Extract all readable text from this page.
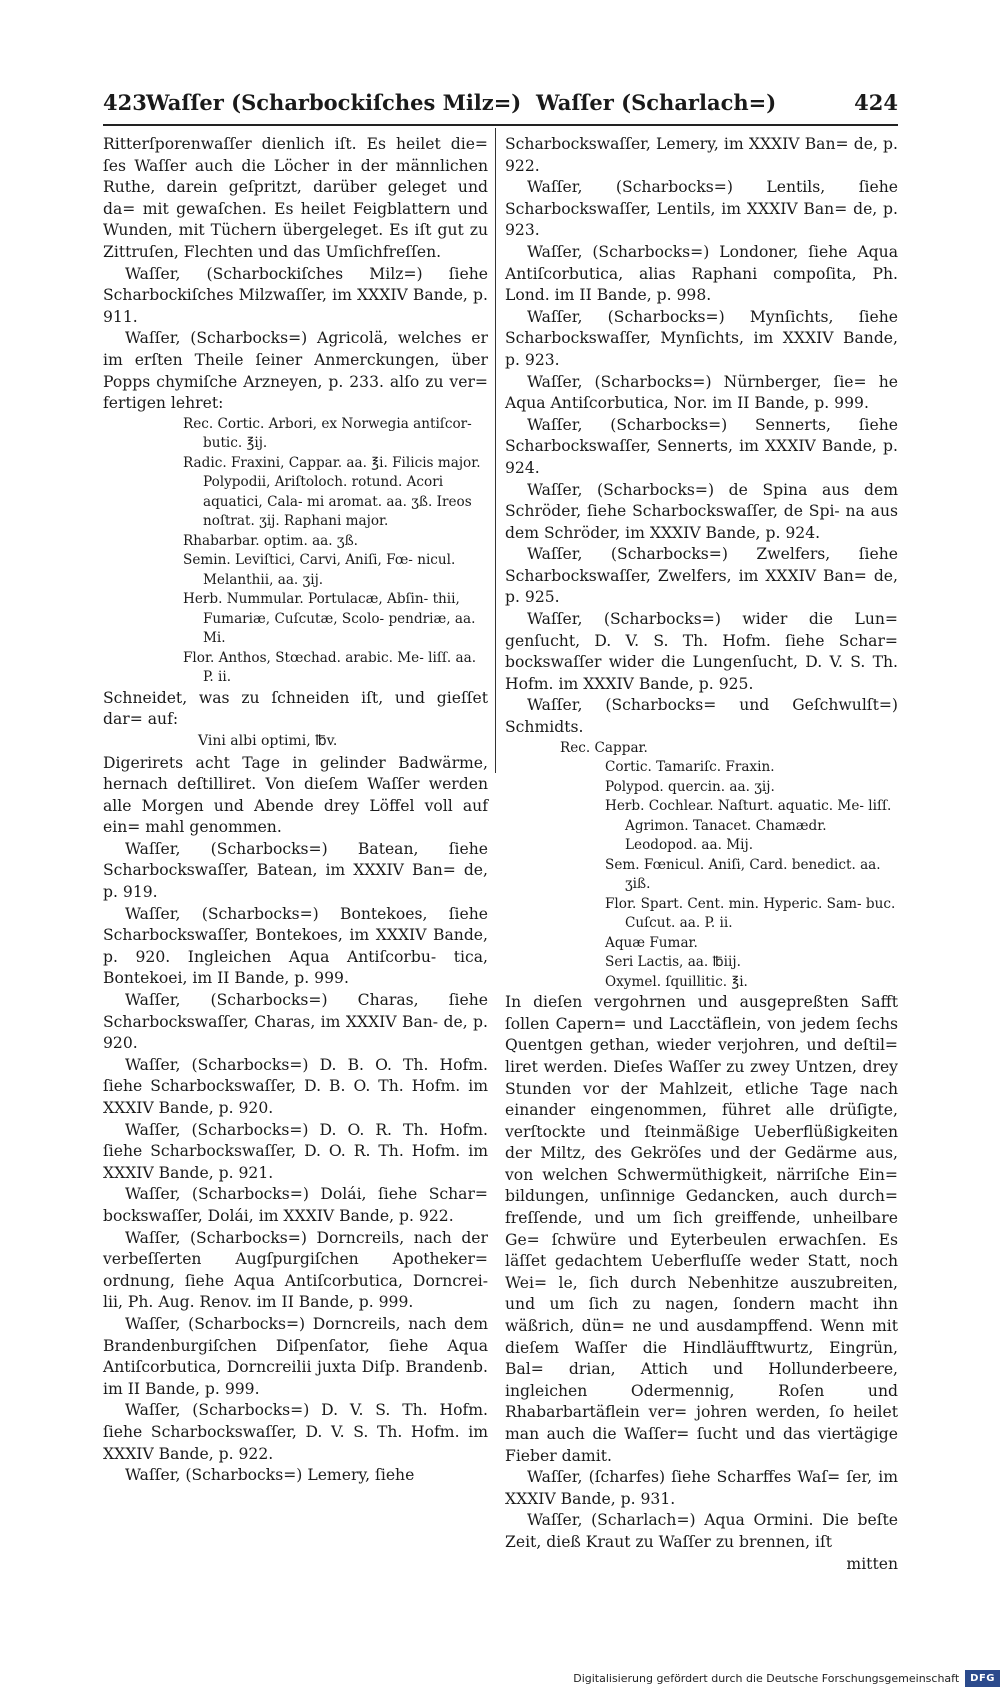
423 Waſſer (Scharbockiſches Milz=) Waſſer (Scharlach=)	424

Ritterſporenwaſſer dienlich iſt. Es heilet die= ſes Waſſer auch die Löcher in der männlichen Ruthe, darein geſpritzt, darüber geleget und da= mit gewaſchen. Es heilet Feigblattern und Wunden, mit Tüchern übergeleget. Es iſt gut zu Zittruſen, Flechten und das Umſichfreſſen.

Waſſer, (Scharbockiſches Milz=) ſiehe Scharbockiſches Milzwaſſer, im XXXIV Bande, p. 911.

Waſſer, (Scharbocks=) Agricolä, welches er im erſten Theile ſeiner Anmerckungen, über Popps chymiſche Arzneyen, p. 233. alſo zu ver= fertigen lehret:

Rec. Cortic. Arbori, ex Norwegia antiſcor- butic. ℥ij.

Radic. Fraxini, Cappar. aa. ℥i. Filicis major. Polypodii, Ariſtoloch. rotund. Acori aquatici, Cala- mi aromat. aa. ʒß. Ireos noſtrat. ʒij. Raphani major.

Rhabarbar. optim. aa. ʒß.

Semin. Leviſtici, Carvi, Aniſi, Fœ- nicul. Melanthii, aa. ʒij.

Herb. Nummular. Portulacæ, Abſin- thii, Fumariæ, Cuſcutæ, Scolo- pendriæ, aa. Mi.

Flor. Anthos, Stœchad. arabic. Me- liſſ. aa. P. ii.

Schneidet, was zu ſchneiden iſt, und gieſſet dar= auf:

Vini albi optimi, ℔v.

Digerirets acht Tage in gelinder Badwärme, hernach deſtilliret. Von dieſem Waſſer werden alle Morgen und Abende drey Löffel voll auf ein= mahl genommen.

Waſſer, (Scharbocks=) Batean, ſiehe Scharbockswaſſer, Batean, im XXXIV Ban= de, p. 919.

Waſſer, (Scharbocks=) Bontekoes, ſiehe Scharbockswaſſer, Bontekoes, im XXXIV Bande, p. 920. Ingleichen Aqua Antiſcorbu- tica, Bontekoei, im II Bande, p. 999.

Waſſer, (Scharbocks=) Charas, ſiehe Scharbockswaſſer, Charas, im XXXIV Ban- de, p. 920.

Waſſer, (Scharbocks=) D. B. O. Th. Hofm. ſiehe Scharbockswaſſer, D. B. O. Th. Hofm. im XXXIV Bande, p. 920.

Waſſer, (Scharbocks=) D. O. R. Th. Hofm. ſiehe Scharbockswaſſer, D. O. R. Th. Hofm. im XXXIV Bande, p. 921.

Waſſer, (Scharbocks=) Dolái, ſiehe Schar= bockswaſſer, Dolái, im XXXIV Bande, p. 922.

Waſſer, (Scharbocks=) Dorncreils, nach der verbeſſerten Augſpurgiſchen Apotheker= ordnung, ſiehe Aqua Antiſcorbutica, Dorncrei- lii, Ph. Aug. Renov. im II Bande, p. 999.

Waſſer, (Scharbocks=) Dorncreils, nach dem Brandenburgiſchen Diſpenſator, ſiehe Aqua Antiſcorbutica, Dorncreilii juxta Diſp. Brandenb. im II Bande, p. 999.

Waſſer, (Scharbocks=) D. V. S. Th. Hofm. ſiehe Scharbockswaſſer, D. V. S. Th. Hofm. im XXXIV Bande, p. 922.

Waſſer, (Scharbocks=) Lemery, ſiehe

Scharbockswaſſer, Lemery, im XXXIV Ban= de, p. 922.

Waſſer, (Scharbocks=) Lentils, ſiehe Scharbockswaſſer, Lentils, im XXXIV Ban= de, p. 923.

Waſſer, (Scharbocks=) Londoner, ſiehe Aqua Antiſcorbutica, alias Raphani compoſita, Ph. Lond. im II Bande, p. 998.

Waſſer, (Scharbocks=) Mynſichts, ſiehe Scharbockswaſſer, Mynſichts, im XXXIV Bande, p. 923.

Waſſer, (Scharbocks=) Nürnberger, ſie= he Aqua Antiſcorbutica, Nor. im II Bande, p. 999.

Waſſer, (Scharbocks=) Sennerts, ſiehe Scharbockswaſſer, Sennerts, im XXXIV Bande, p. 924.

Waſſer, (Scharbocks=) de Spina aus dem Schröder, ſiehe Scharbockswaſſer, de Spi- na aus dem Schröder, im XXXIV Bande, p. 924.

Waſſer, (Scharbocks=) Zwelfers, ſiehe Scharbockswaſſer, Zwelfers, im XXXIV Ban= de, p. 925.

Waſſer, (Scharbocks=) wider die Lun= genſucht, D. V. S. Th. Hofm. ſiehe Schar= bockswaſſer wider die Lungenſucht, D. V. S. Th. Hofm. im XXXIV Bande, p. 925.

Waſſer, (Scharbocks= und Geſchwulſt=) Schmidts.

Rec. Cappar.

Cortic. Tamariſc. Fraxin.

Polypod. quercin. aa. ʒij.

Herb. Cochlear. Naſturt. aquatic. Me- liſſ. Agrimon. Tanacet. Chamædr. Leodopod. aa. Mij.

Sem. Fœnicul. Aniſi, Card. benedict. aa. ʒiß.

Flor. Spart. Cent. min. Hyperic. Sam- buc. Cuſcut. aa. P. ii.

Aquæ Fumar.

Seri Lactis, aa. ℔iij.

Oxymel. ſquillitic. ℥i.

In dieſen vergohrnen und ausgepreßten Safft ſollen Capern= und Lacctäflein, von jedem ſechs Quentgen gethan, wieder verjohren, und deſtil= liret werden. Dieſes Waſſer zu zwey Untzen, drey Stunden vor der Mahlzeit, etliche Tage nach einander eingenommen, führet alle drüſigte, verſtockte und ſteinmäßige Ueberflüßigkeiten der Miltz, des Gekröſes und der Gedärme aus, von welchen Schwermüthigkeit, närriſche Ein= bildungen, unſinnige Gedancken, auch durch= freſſende, und um ſich greiffende, unheilbare Ge= ſchwüre und Eyterbeulen erwachſen. Es läſſet gedachtem Ueberfluſſe weder Statt, noch Wei= le, ſich durch Nebenhitze auszubreiten, und um ſich zu nagen, ſondern macht ihn wäßrich, dün= ne und ausdampffend. Wenn mit dieſem Waſſer die Hindläufftwurtz, Eingrün, Bal= drian, Attich und Hollunderbeere, ingleichen Odermennig, Roſen und Rhabarbartäflein ver= johren werden, ſo heilet man auch die Waſſer= ſucht und das viertägige Fieber damit.

Waſſer, (ſcharfes) ſiehe Scharffes Waſ= ſer, im XXXIV Bande, p. 931.

Waſſer, (Scharlach=) Aqua Ormini. Die beſte Zeit, dieß Kraut zu Waſſer zu brennen, iſt

mitten

Digitalisierung gefördert durch die Deutsche Forschungsgemeinschaft	DFG
